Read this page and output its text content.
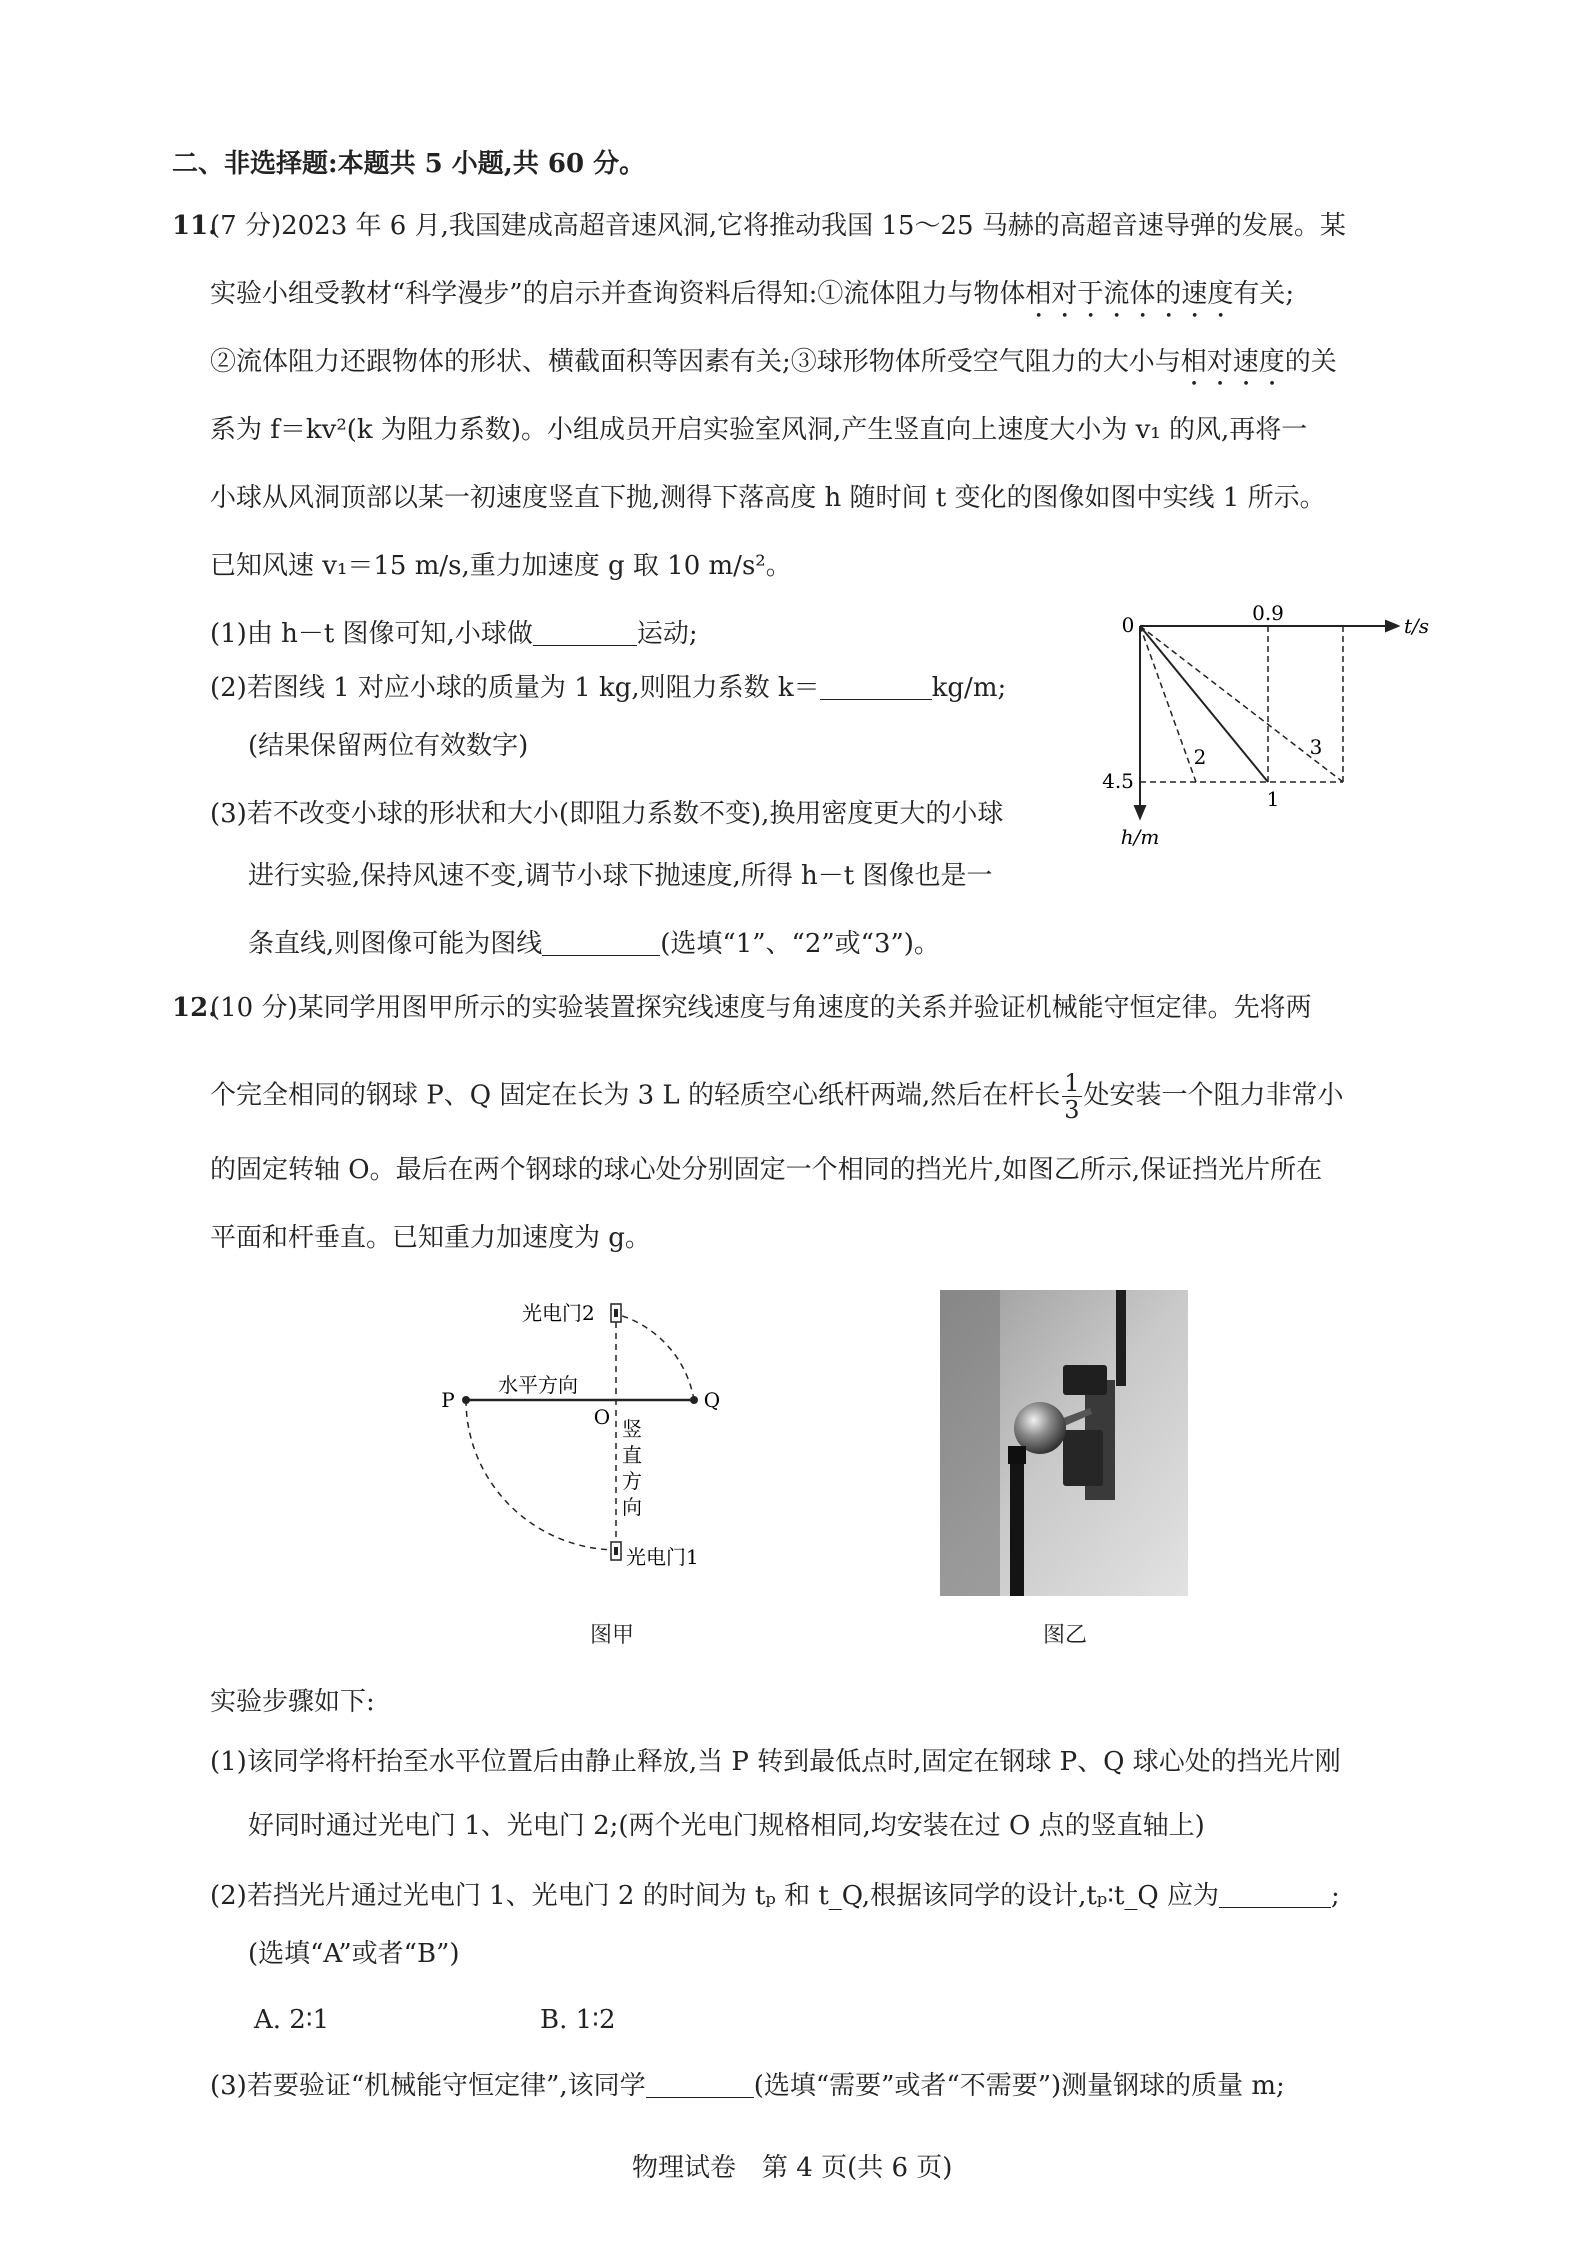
二、非选择题:本题共 5 小题,共 60 分。
11.
(7 分)2023 年 6 月,我国建成高超音速风洞,它将推动我国 15～25 马赫的高超音速导弹的发展。某
实验小组受教材“科学漫步”的启示并查询资料后得知:①流体阻力与物体相对于流体的速度有关;
②流体阻力还跟物体的形状、横截面积等因素有关;③球形物体所受空气阻力的大小与相对速度的关
系为 f＝kv²(k 为阻力系数)。小组成员开启实验室风洞,产生竖直向上速度大小为 v₁ 的风,再将一
小球从风洞顶部以某一初速度竖直下抛,测得下落高度 h 随时间 t 变化的图像如图中实线 1 所示。
已知风速 v₁＝15 m/s,重力加速度 g 取 10 m/s²。
(1)由 h－t 图像可知,小球做	运动;
(2)若图线 1 对应小球的质量为 1 kg,则阻力系数 k＝	kg/m;
(结果保留两位有效数字)
(3)若不改变小球的形状和大小(即阻力系数不变),换用密度更大的小球
进行实验,保持风速不变,调节小球下抛速度,所得 h－t 图像也是一
条直线,则图像可能为图线	(选填“1”、“2”或“3”)。
0	0.9
t/s
4.5
h/m
1
2	3
12.
(10 分)某同学用图甲所示的实验装置探究线速度与角速度的关系并验证机械能守恒定律。先将两
个完全相同的钢球 P、Q 固定在长为 3 L 的轻质空心纸杆两端,然后在杆长 $\frac{1}{3}$ 处安装一个阻力非常小
的固定转轴 O。最后在两个钢球的球心处分别固定一个相同的挡光片,如图乙所示,保证挡光片所在
平面和杆垂直。已知重力加速度为 g。
光电门2
光电门1
P	Q
O
水平方向
竖
直
方
向
图甲	图乙
实验步骤如下:
(1)该同学将杆抬至水平位置后由静止释放,当 P 转到最低点时,固定在钢球 P、Q 球心处的挡光片刚
好同时通过光电门 1、光电门 2;(两个光电门规格相同,均安装在过 O 点的竖直轴上)
(2)若挡光片通过光电门 1、光电门 2 的时间为 tₚ 和 t_Q,根据该同学的设计,tₚ∶t_Q 应为	;
(选填“A”或者“B”)
A. 2∶1	B. 1∶2
(3)若要验证“机械能守恒定律”,该同学	(选填“需要”或者“不需要”)测量钢球的质量 m;
物理试卷　第 4 页(共 6 页)
